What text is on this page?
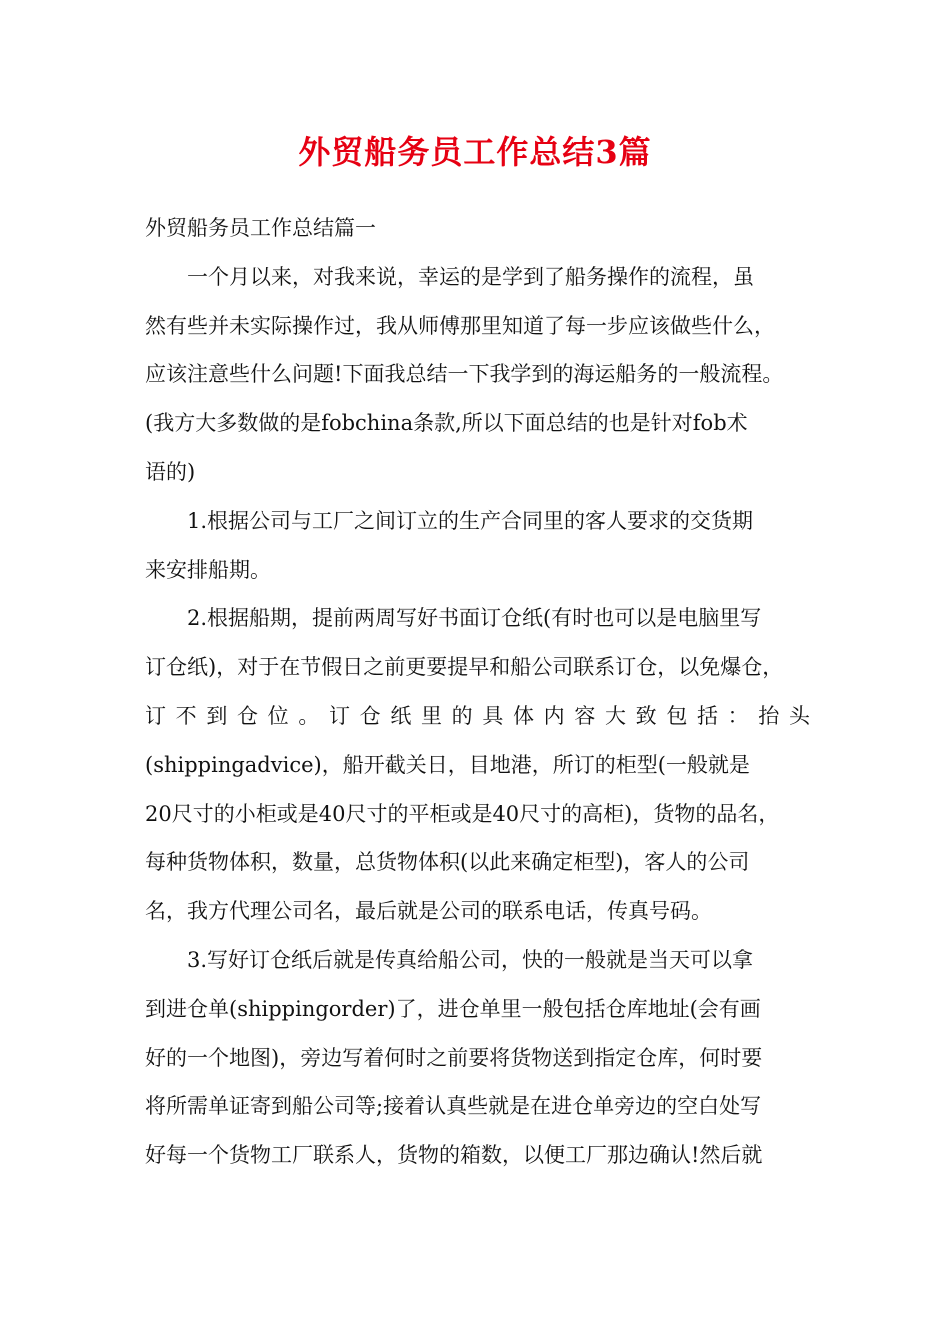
外贸船务员工作总结3篇
外贸船务员工作总结篇一
一个月以来，对我来说，幸运的是学到了船务操作的流程，虽
然有些并未实际操作过，我从师傅那里知道了每一步应该做些什么，
应该注意些什么问题!下面我总结一下我学到的海运船务的一般流程。
(我方大多数做的是fobchina条款,所以下面总结的也是针对fob术
语的)
1.根据公司与工厂之间订立的生产合同里的客人要求的交货期
来安排船期。
2.根据船期，提前两周写好书面订仓纸(有时也可以是电脑里写
订仓纸)，对于在节假日之前更要提早和船公司联系订仓，以免爆仓，
订不到仓位。订仓纸里的具体内容大致包括：抬头
(shippingadvice)，船开截关日，目地港，所订的柜型(一般就是
20尺寸的小柜或是40尺寸的平柜或是40尺寸的高柜)，货物的品名，
每种货物体积，数量，总货物体积(以此来确定柜型)，客人的公司
名，我方代理公司名，最后就是公司的联系电话，传真号码。
3.写好订仓纸后就是传真给船公司，快的一般就是当天可以拿
到进仓单(shippingorder)了，进仓单里一般包括仓库地址(会有画
好的一个地图)，旁边写着何时之前要将货物送到指定仓库，何时要
将所需单证寄到船公司等;接着认真些就是在进仓单旁边的空白处写
好每一个货物工厂联系人，货物的箱数，以便工厂那边确认!然后就
